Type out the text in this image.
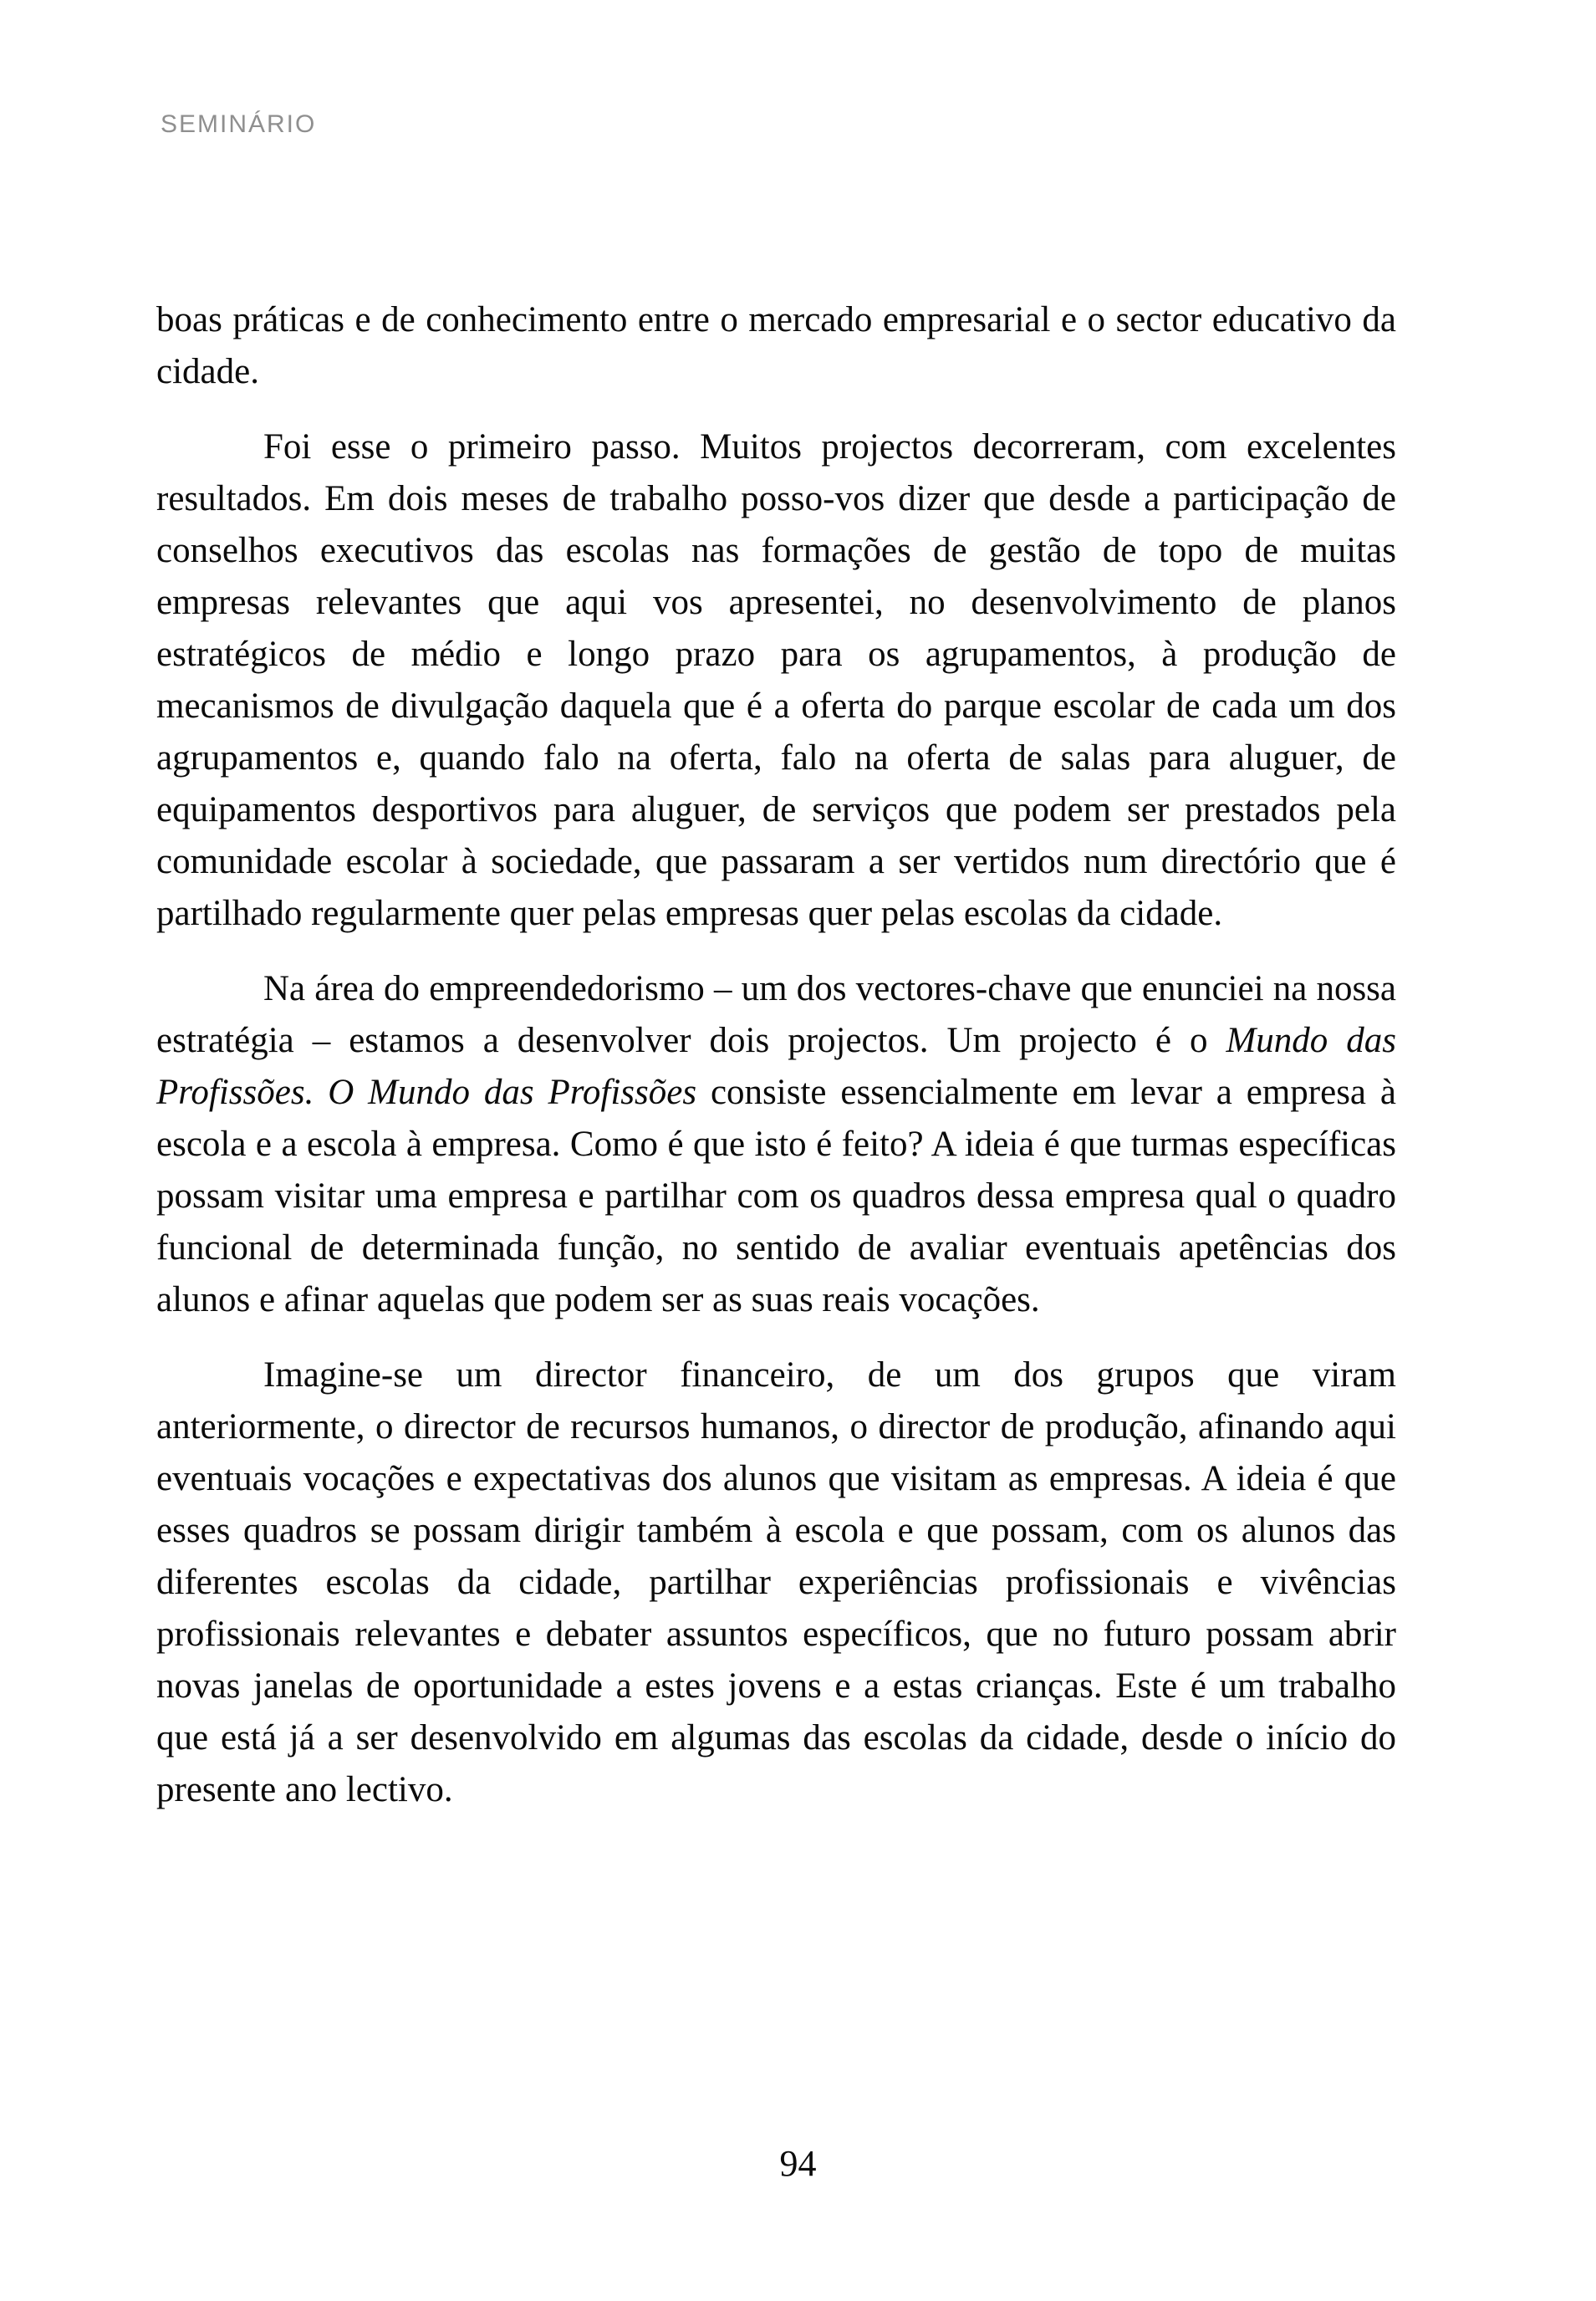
SEMINÁRIO

boas práticas e de conhecimento entre o mercado empresarial e o sector educativo da cidade.

Foi esse o primeiro passo. Muitos projectos decorreram, com excelentes resultados. Em dois meses de trabalho posso-vos dizer que desde a participação de conselhos executivos das escolas nas formações de gestão de topo de muitas empresas relevantes que aqui vos apresentei, no desenvolvimento de planos estratégicos de médio e longo prazo para os agrupamentos, à produção de mecanismos de divulgação daquela que é a oferta do parque escolar de cada um dos agrupamentos e, quando falo na oferta, falo na oferta de salas para aluguer, de equipamentos desportivos para aluguer, de serviços que podem ser prestados pela comunidade escolar à sociedade, que passaram a ser vertidos num directório que é partilhado regularmente quer pelas empresas quer pelas escolas da cidade.

Na área do empreendedorismo – um dos vectores-chave que enunciei na nossa estratégia – estamos a desenvolver dois projectos. Um projecto é o Mundo das Profissões. O Mundo das Profissões consiste essencialmente em levar a empresa à escola e a escola à empresa. Como é que isto é feito? A ideia é que turmas específicas possam visitar uma empresa e partilhar com os quadros dessa empresa qual o quadro funcional de determinada função, no sentido de avaliar eventuais apetências dos alunos e afinar aquelas que podem ser as suas reais vocações.

Imagine-se um director financeiro, de um dos grupos que viram anteriormente, o director de recursos humanos, o director de produção, afinando aqui eventuais vocações e expectativas dos alunos que visitam as empresas. A ideia é que esses quadros se possam dirigir também à escola e que possam, com os alunos das diferentes escolas da cidade, partilhar experiências profissionais e vivências profissionais relevantes e debater assuntos específicos, que no futuro possam abrir novas janelas de oportunidade a estes jovens e a estas crianças. Este é um trabalho que está já a ser desenvolvido em algumas das escolas da cidade, desde o início do presente ano lectivo.

94
